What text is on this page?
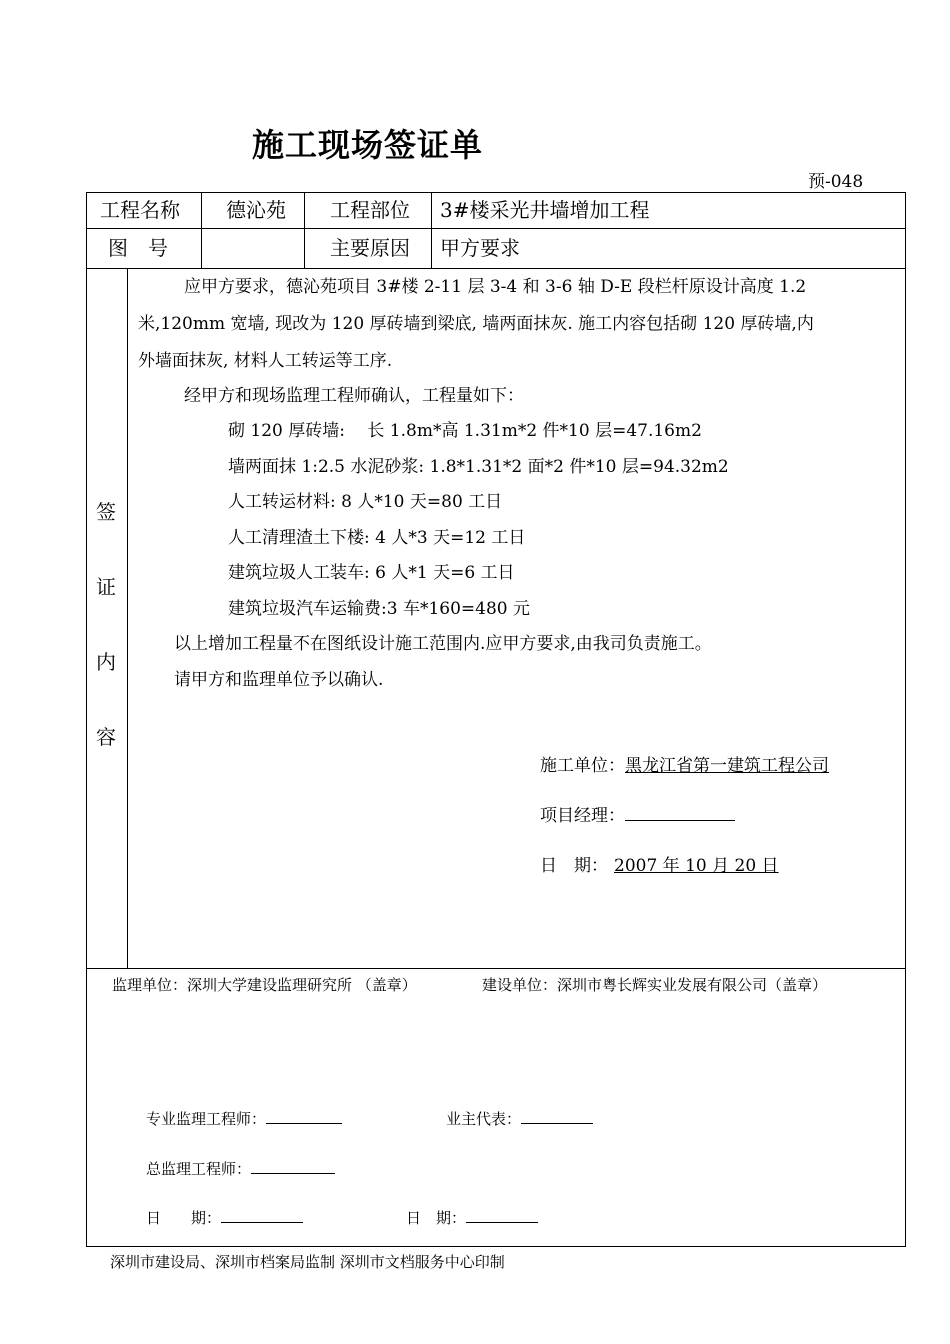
施工现场签证单
预-048
工程名称 德沁苑 工程部位 3#楼采光井墙增加工程
图　号	主要原因 甲方要求
签
证
内
容
应甲方要求，德沁苑项目 3#楼 2-11 层 3-4 和 3-6 轴 D-E 段栏杆原设计高度 1.2
米,120mm 宽墙, 现改为 120 厚砖墙到梁底, 墙两面抹灰. 施工内容包括砌 120 厚砖墙,内
外墙面抹灰, 材料人工转运等工序.
经甲方和现场监理工程师确认，工程量如下：
砌 120 厚砖墙:　 长 1.8m*高 1.31m*2 件*10 层=47.16m2
墙两面抹 1:2.5 水泥砂浆: 1.8*1.31*2 面*2 件*10 层=94.32m2
人工转运材料: 8 人*10 天=80 工日
人工清理渣土下楼: 4 人*3 天=12 工日
建筑垃圾人工装车: 6 人*1 天=6 工日
建筑垃圾汽车运输费:3 车*160=480 元
以上增加工程量不在图纸设计施工范围内.应甲方要求,由我司负责施工。
请甲方和监理单位予以确认.
施工单位：黑龙江省第一建筑工程公司
项目经理：
日　期： 2007 年 10 月 20 日
监理单位：深圳大学建设监理研究所 （盖章）	建设单位：深圳市粤长辉实业发展有限公司（盖章）
专业监理工程师：	业主代表：
总监理工程师：
日　　期：	日　期：
深圳市建设局、深圳市档案局监制 深圳市文档服务中心印制
